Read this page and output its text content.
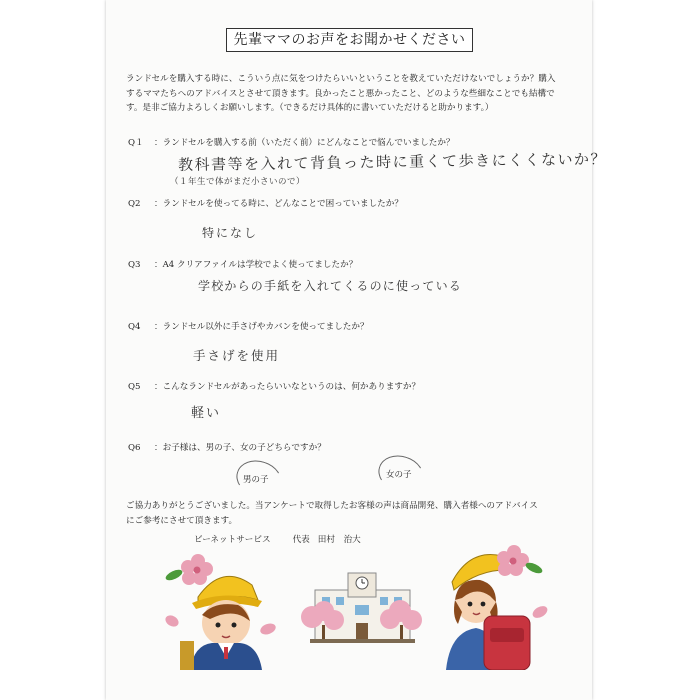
先輩ママのお声をお聞かせください
ランドセルを購入する時に、こういう点に気をつけたらいいということを教えていただけないでしょうか？購入
するママたちへのアドバイスとさせて頂きます。良かったこと悪かったこと、どのような些細なことでも結構で
す。是非ご協力よろしくお願いします。（できるだけ具体的に書いていただけると助かります。）
Q１ ：ランドセルを購入する前（いただく前）にどんなことで悩んでいましたか？
教科書等を入れて背負った時に重くて歩きにくくないか？
（１年生で体がまだ小さいので）
Q2 ：ランドセルを使ってる時に、どんなことで困っていましたか？
特になし
Q3 ：A4 クリアファイルは学校でよく使ってましたか？
学校からの手紙を入れてくるのに使っている
Q4 ：ランドセル以外に手さげやカバンを使ってましたか？
手さげを使用
Q5 ：こんなランドセルがあったらいいなというのは、何かありますか？
軽い
Q6 ：お子様は、男の子、女の子どちらですか？
男の子	女の子
ご協力ありがとうございました。当アンケートで取得したお客様の声は商品開発、購入者様へのアドバイス
にご参考にさせて頂きます。
ビーネットサービス	代表 田村　治大
